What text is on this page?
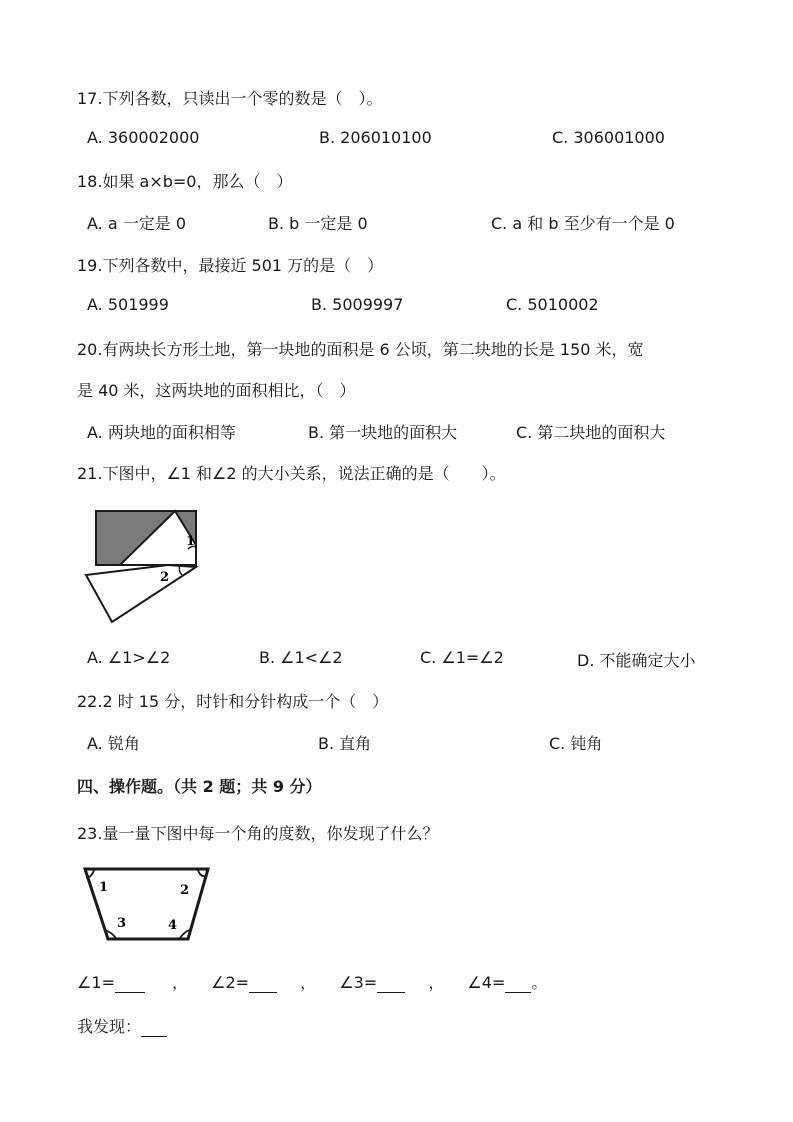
17.下列各数，只读出一个零的数是（　）。
A. 360002000	B. 206010100	C. 306001000
18.如果 a×b=0，那么（　）
A. a 一定是 0	B. b 一定是 0	C. a 和 b 至少有一个是 0
19.下列各数中，最接近 501 万的是（　）
A. 501999	B. 5009997	C. 5010002
20.有两块长方形土地，第一块地的面积是 6 公顷，第二块地的长是 150 米，宽
是 40 米，这两块地的面积相比，（　）
A. 两块地的面积相等	B. 第一块地的面积大	C. 第二块地的面积大
21.下图中，∠1 和∠2 的大小关系，说法正确的是（　　）。
1
2
A. ∠1>∠2	B. ∠1<∠2	C. ∠1=∠2	D. 不能确定大小
22.2 时 15 分，时针和分针构成一个（　）
A. 锐角	B. 直角	C. 钝角
四、操作题。（共 2 题；共 9 分）
23.量一量下图中每一个角的度数，你发现了什么？
1	2
3	4
∠1=	， ∠2=	， ∠3=	， ∠4= 。
我发现：
